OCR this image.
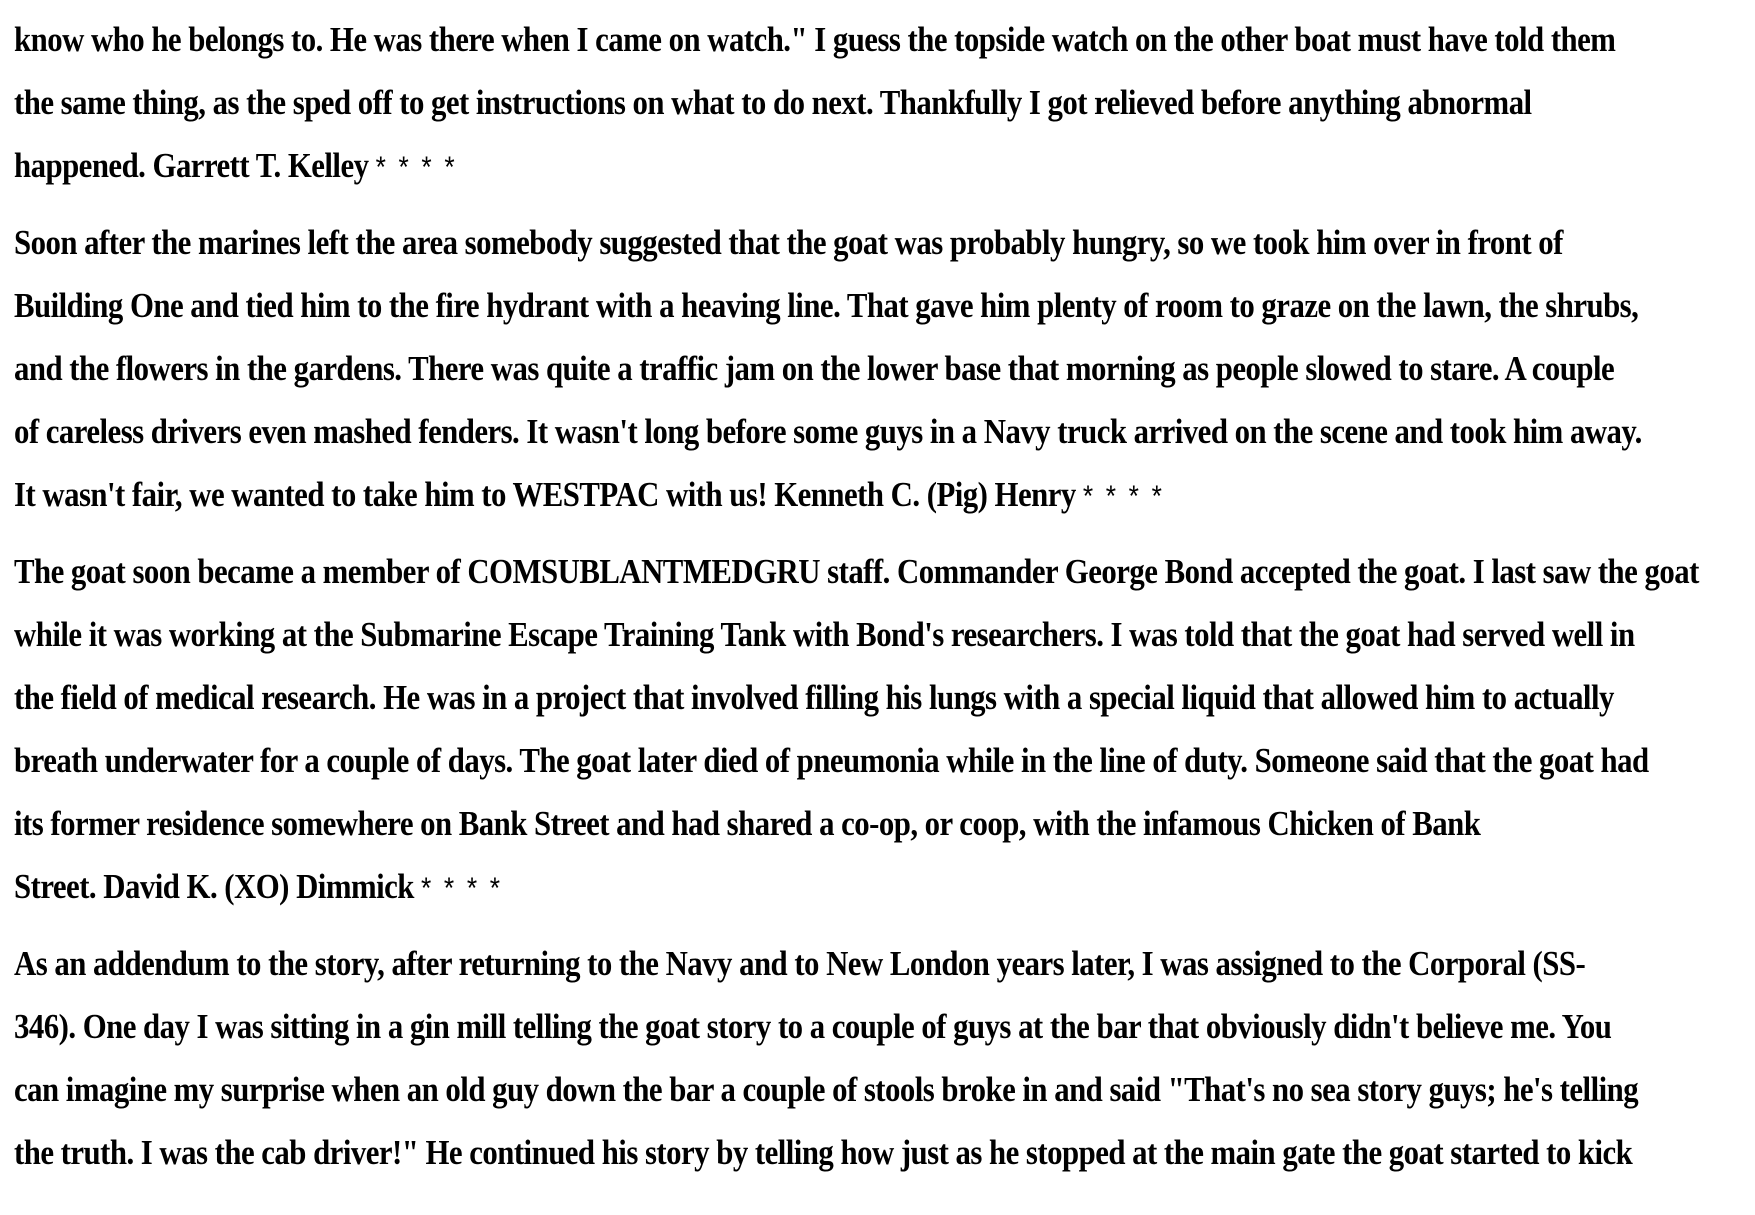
know who he belongs to. He was there when I came on watch." I guess the topside watch on the other boat must have told them
the same thing, as the sped off to get instructions on what to do next. Thankfully I got relieved before anything abnormal
happened. Garrett T. Kelley * * * *

Soon after the marines left the area somebody suggested that the goat was probably hungry, so we took him over in front of
Building One and tied him to the fire hydrant with a heaving line. That gave him plenty of room to graze on the lawn, the shrubs,
and the flowers in the gardens. There was quite a traffic jam on the lower base that morning as people slowed to stare. A couple
of careless drivers even mashed fenders. It wasn't long before some guys in a Navy truck arrived on the scene and took him away.
It wasn't fair, we wanted to take him to WESTPAC with us! Kenneth C. (Pig) Henry * * * *

The goat soon became a member of COMSUBLANTMEDGRU staff. Commander George Bond accepted the goat. I last saw the goat
while it was working at the Submarine Escape Training Tank with Bond's researchers. I was told that the goat had served well in
the field of medical research. He was in a project that involved filling his lungs with a special liquid that allowed him to actually
breath underwater for a couple of days. The goat later died of pneumonia while in the line of duty. Someone said that the goat had
its former residence somewhere on Bank Street and had shared a co-op, or coop, with the infamous Chicken of Bank
Street. David K. (XO) Dimmick * * * *

As an addendum to the story, after returning to the Navy and to New London years later, I was assigned to the Corporal (SS-
346). One day I was sitting in a gin mill telling the goat story to a couple of guys at the bar that obviously didn't believe me. You
can imagine my surprise when an old guy down the bar a couple of stools broke in and said "That's no sea story guys; he's telling
the truth. I was the cab driver!" He continued his story by telling how just as he stopped at the main gate the goat started to kick
